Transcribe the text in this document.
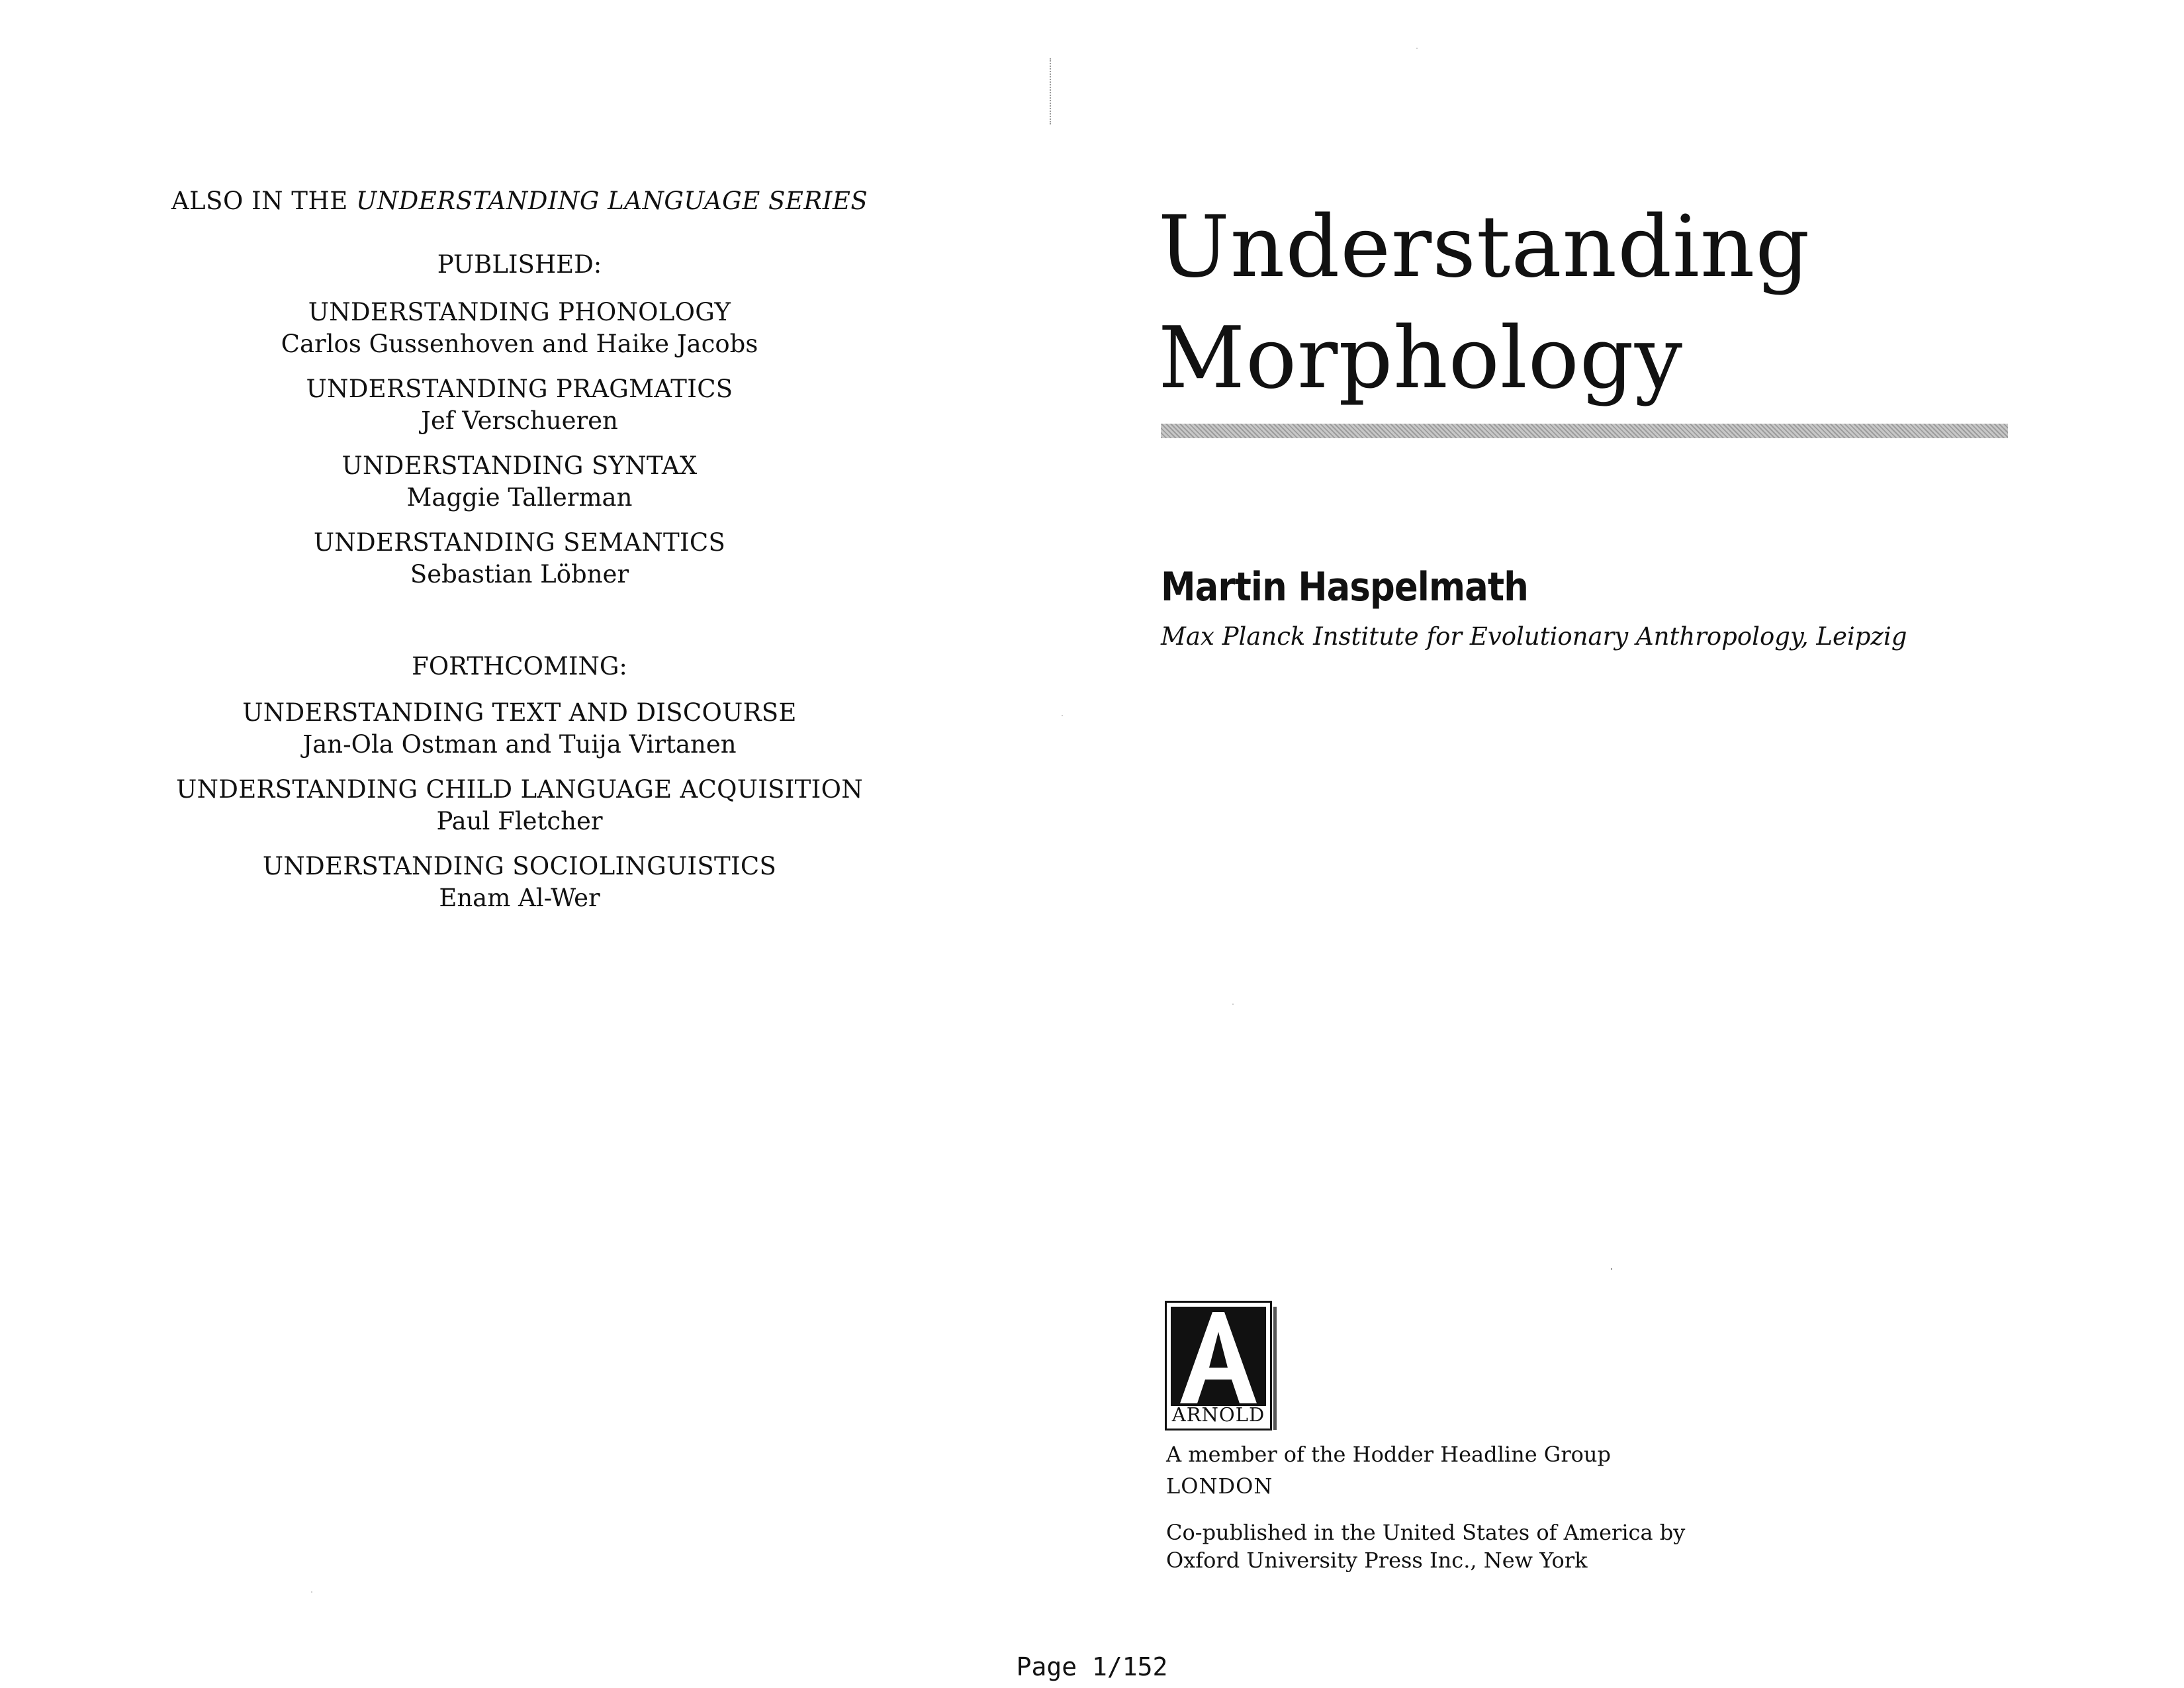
ALSO IN THE UNDERSTANDING LANGUAGE SERIES
PUBLISHED:
UNDERSTANDING PHONOLOGY
Carlos Gussenhoven and Haike Jacobs
UNDERSTANDING PRAGMATICS
Jef Verschueren
UNDERSTANDING SYNTAX
Maggie Tallerman
UNDERSTANDING SEMANTICS
Sebastian Löbner
FORTHCOMING:
UNDERSTANDING TEXT AND DISCOURSE
Jan-Ola Ostman and Tuija Virtanen
UNDERSTANDING CHILD LANGUAGE ACQUISITION
Paul Fletcher
UNDERSTANDING SOCIOLINGUISTICS
Enam Al-Wer
Understanding
Morphology
Martin Haspelmath
Max Planck Institute for Evolutionary Anthropology, Leipzig
ARNOLD
A member of the Hodder Headline Group
LONDON
Co-published in the United States of America by
Oxford University Press Inc., New York
Page 1/152
